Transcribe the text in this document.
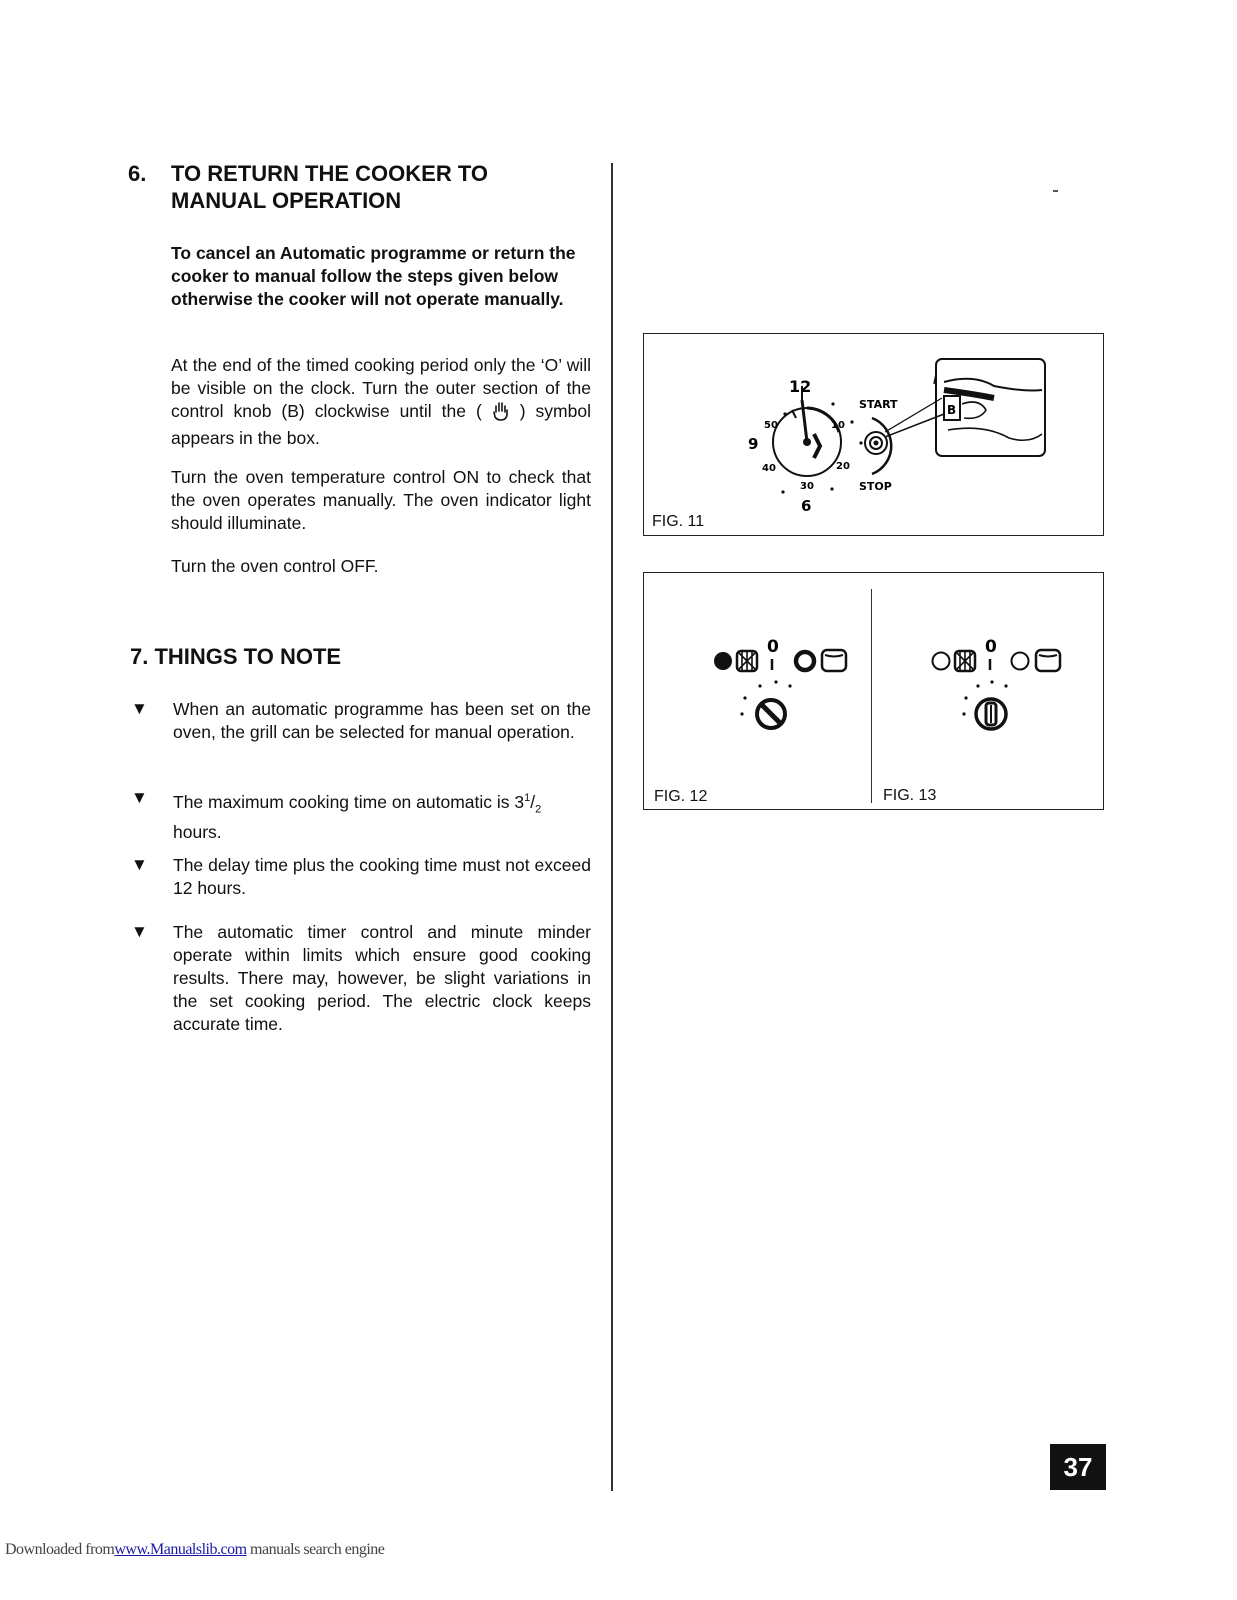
6. TO RETURN THE COOKER TO
MANUAL OPERATION
To cancel an Automatic programme or return the cooker to manual follow the steps given below otherwise the cooker will not operate manually.
At the end of the timed cooking period only the ‘O’ will be visible on the clock. Turn the outer section of the control knob (B) clockwise until the ( ) symbol appears in the box.
Turn the oven temperature control ON to check that the oven operates manually. The oven indicator light should illuminate.
Turn the oven control OFF.
7. THINGS TO NOTE
▼ When an automatic programme has been set on the oven, the grill can be selected for manual operation.
▼ The maximum cooking time on automatic is $3^1/_2$
hours.
▼ The delay time plus the cooking time must not exceed 12 hours.
▼ The automatic timer control and minute minder operate within limits which ensure good cooking results. There may, however, be slight variations in the set cooking period. The electric clock keeps accurate time.
12
9
6
50	10
40	20
30
START
STOP
B
FIG. 11
0
FIG. 12
0
FIG. 13
37
Downloaded fromwww.Manualslib.com manuals search engine
